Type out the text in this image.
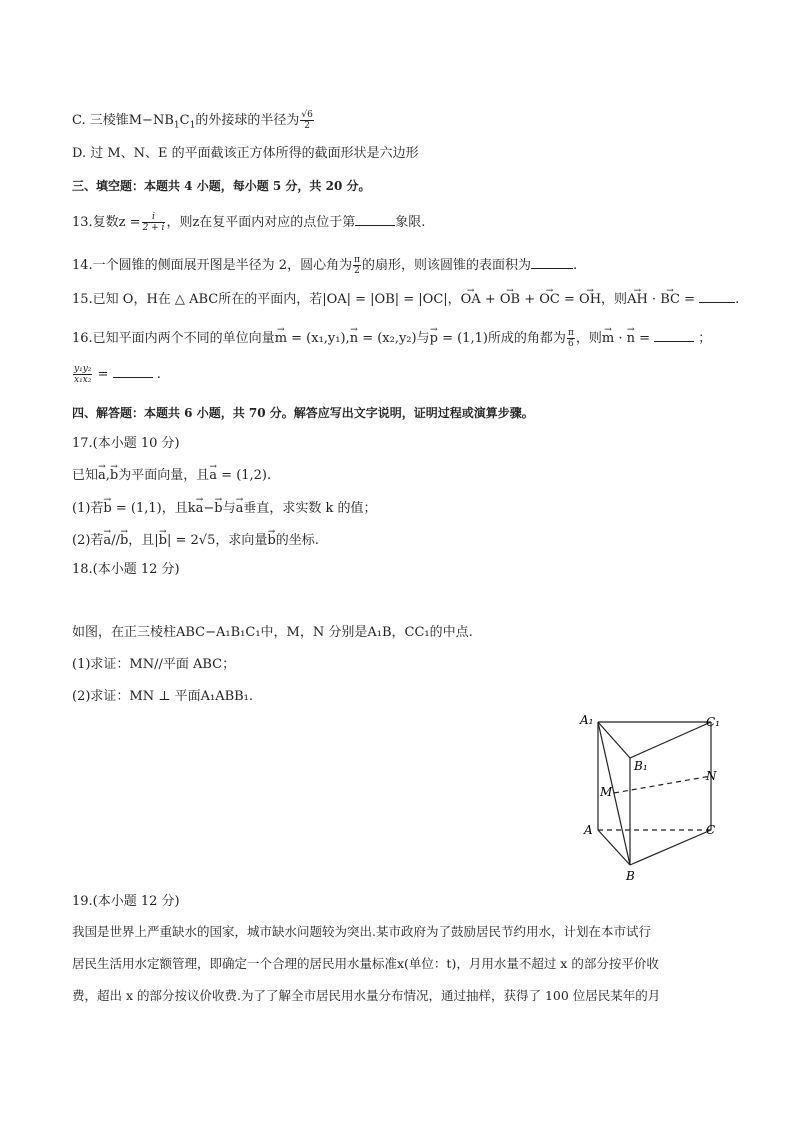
C. 三棱锥$M-NB_1C_1$的外接球的半径为 $\frac{√6}{2}$
D. 过 M、N、E 的平面截该正方体所得的截面形状是六边形
三、填空题：本题共 4 小题，每小题 5 分，共 20 分。
13.复数$z = \frac{i}{2 + i}$ ，则z在复平面内对应的点位于第	象限.
14.一个圆锥的侧面展开图是半径为 2，圆心角为 $\frac{\pi}{2}$ 的扇形，则该圆锥的表面积为	.
15.已知 O，H在 △ ABC所在的平面内，若|OA| = |OB| = |OC|，→ OA + → OB + → OC = → OH，则→ AH · → BC =	.
16.已知平面内两个不同的单位向量→ m = (x₁,y₁),→ n = (x₂,y₂)与→ p = (1,1)所成的角都为 $\frac{\pi}{6}$ ，则→ m · → n =	；
$\frac{\text{y₁y₂}}{\text{x₁x₂}}$ =	.
四、解答题：本题共 6 小题，共 70 分。解答应写出文字说明，证明过程或演算步骤。
17.(本小题 10 分)
已知→ a,→ b为平面向量，且→ a = (1,2).
(1)若→ b = (1,1)，且k→ a−→ b与→ a垂直，求实数 k 的值；
(2)若→ a//→ b，且|→ b| = 2√5，求向量→ b的坐标.
18.(本小题 12 分)
如图，在正三棱柱ABC−A₁B₁C₁中，M，N 分别是A₁B，CC₁的中点.
(1)求证：MN//平面 ABC；
(2)求证：MN ⊥ 平面A₁ABB₁.
A₁	C₁
B₁
N
M
A	C
B
19.(本小题 12 分)
我国是世界上严重缺水的国家，城市缺水问题较为突出.某市政府为了鼓励居民节约用水，计划在本市试行
居民生活用水定额管理，即确定一个合理的居民用水量标准x(单位：t)，月用水量不超过 x 的部分按平价收
费，超出 x 的部分按议价收费.为了了解全市居民用水量分布情况，通过抽样，获得了 100 位居民某年的月
